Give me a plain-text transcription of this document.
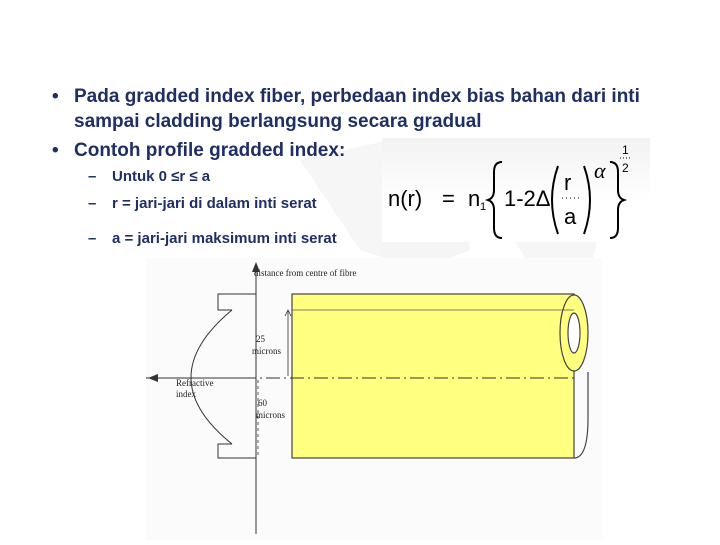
• Pada gradded index fiber, perbedaan index bias bahan dari inti sampai cladding berlangsung secara gradual
• Contoh profile gradded index:
– Untuk 0 ≤r ≤ a
– r = jari-jari di dalam inti serat
– a = jari-jari maksimum inti serat
n(r) = n 1 1-2Δ
r
a
α
1
2
distance from centre of fibre
Refractive
index
25
microns
60
microns
